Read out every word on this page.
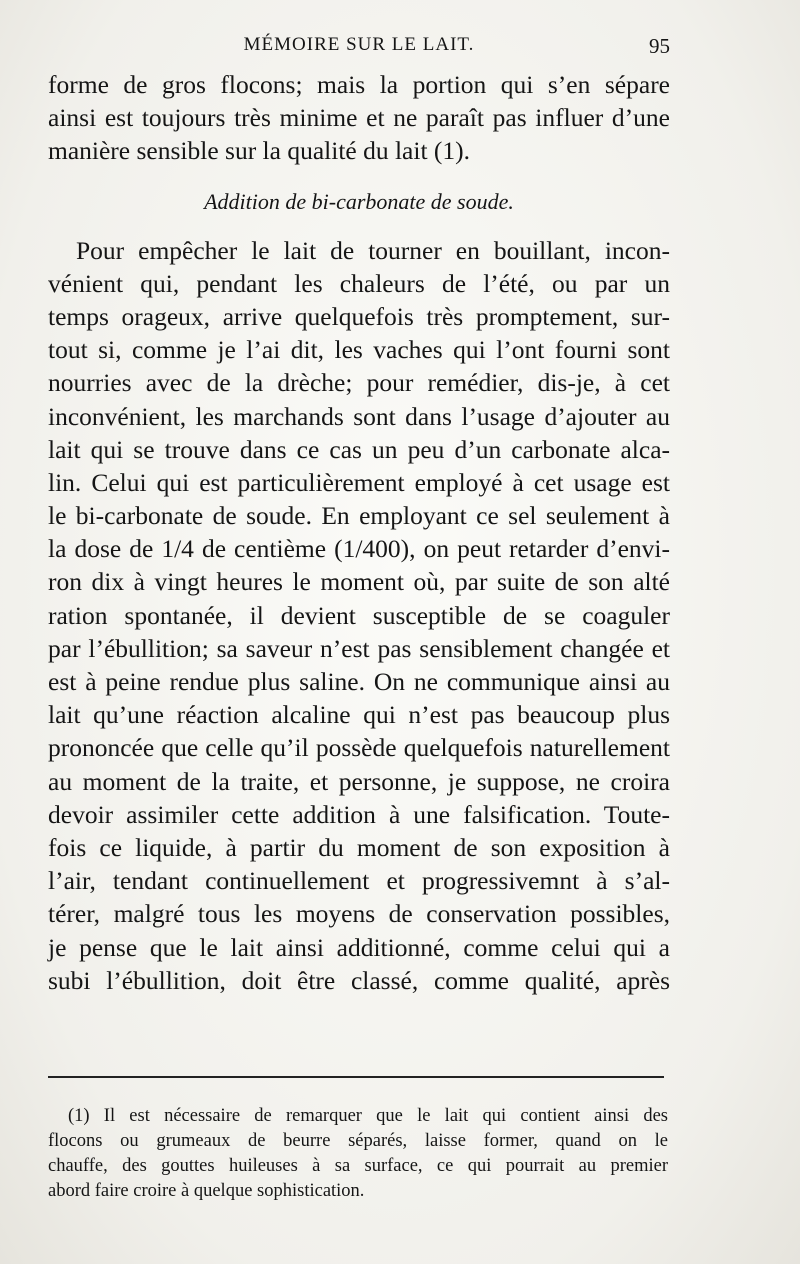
MÉMOIRE SUR LE LAIT.	95
forme de gros flocons; mais la portion qui s’en sépare
ainsi est toujours très minime et ne paraît pas influer d’une
manière sensible sur la qualité du lait (1).
Addition de bi-carbonate de soude.
Pour empêcher le lait de tourner en bouillant, incon-
vénient qui, pendant les chaleurs de l’été, ou par un
temps orageux, arrive quelquefois très promptement, sur-
tout si, comme je l’ai dit, les vaches qui l’ont fourni sont
nourries avec de la drèche; pour remédier, dis-je, à cet
inconvénient, les marchands sont dans l’usage d’ajouter au
lait qui se trouve dans ce cas un peu d’un carbonate alca-
lin. Celui qui est particulièrement employé à cet usage est
le bi-carbonate de soude. En employant ce sel seulement à
la dose de 1/4 de centième (1/400), on peut retarder d’envi-
ron dix à vingt heures le moment où, par suite de son alté
ration spontanée, il devient susceptible de se coaguler
par l’ébullition; sa saveur n’est pas sensiblement changée et
est à peine rendue plus saline. On ne communique ainsi au
lait qu’une réaction alcaline qui n’est pas beaucoup plus
prononcée que celle qu’il possède quelquefois naturellement
au moment de la traite, et personne, je suppose, ne croira
devoir assimiler cette addition à une falsification. Toute-
fois ce liquide, à partir du moment de son exposition à
l’air, tendant continuellement et progressivemnt à s’al-
térer, malgré tous les moyens de conservation possibles,
je pense que le lait ainsi additionné, comme celui qui a
subi l’ébullition, doit être classé, comme qualité, après
(1) Il est nécessaire de remarquer que le lait qui contient ainsi des
flocons ou grumeaux de beurre séparés, laisse former, quand on le
chauffe, des gouttes huileuses à sa surface, ce qui pourrait au premier
abord faire croire à quelque sophistication.
